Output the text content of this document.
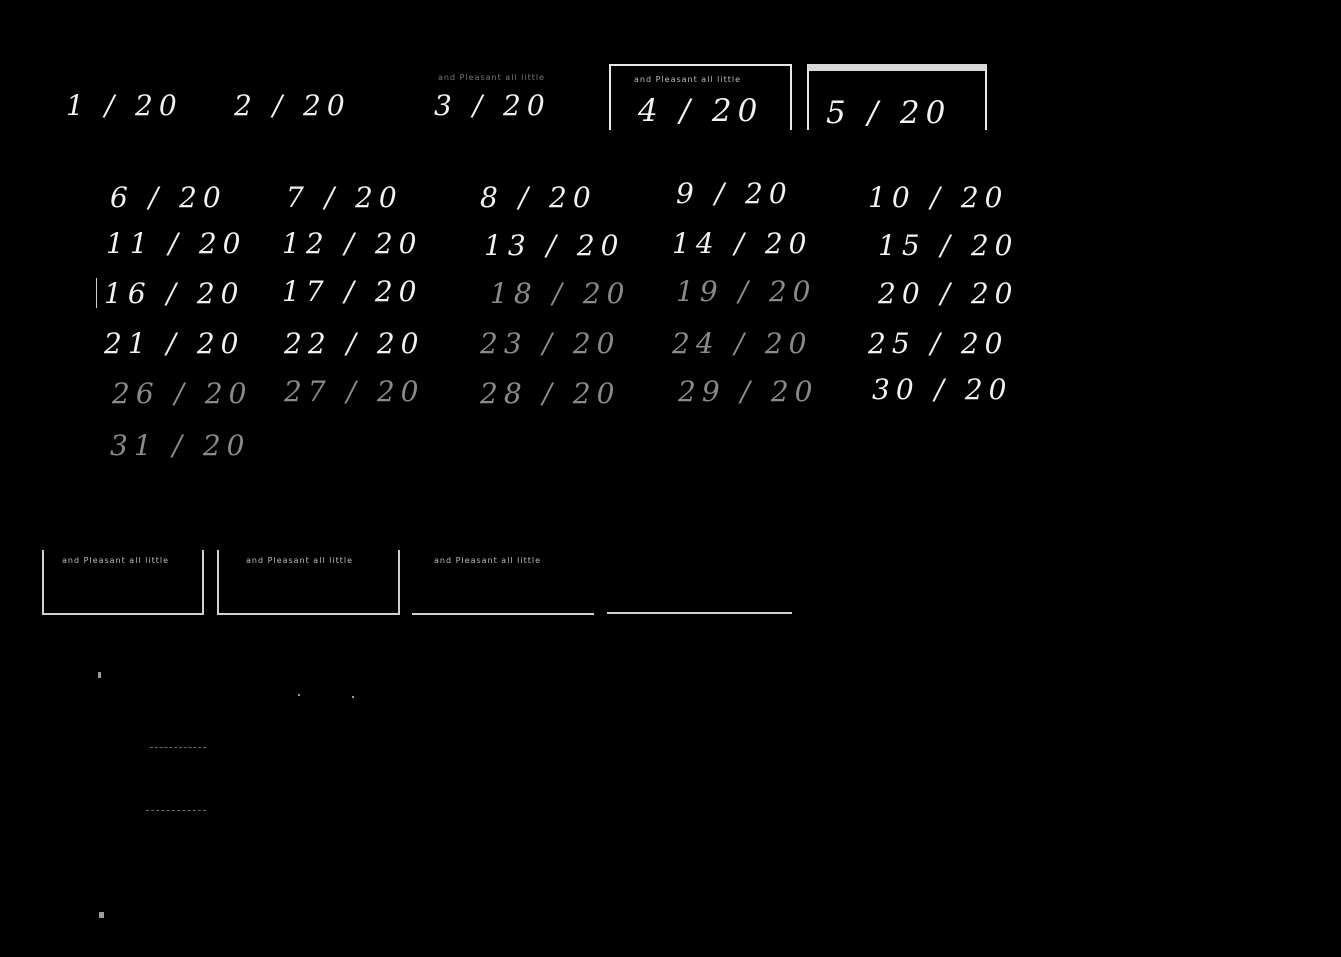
1 / 20 2 / 20
and Pleasant all little
3 / 20
and Pleasant all little
4 / 20 5 / 20
6 / 20 7 / 20	8 / 20	9 / 20	10 / 20
11 / 20 12 / 20 13 / 20 14 / 20 15 / 20
16 / 20 17 / 20 18 / 20 19 / 20 20 / 20
21 / 20 22 / 20 23 / 20 24 / 20 25 / 20
26 / 20 27 / 20 28 / 20 29 / 20 30 / 20
31 / 20
and Pleasant all little	and Pleasant all little	and Pleasant all little
